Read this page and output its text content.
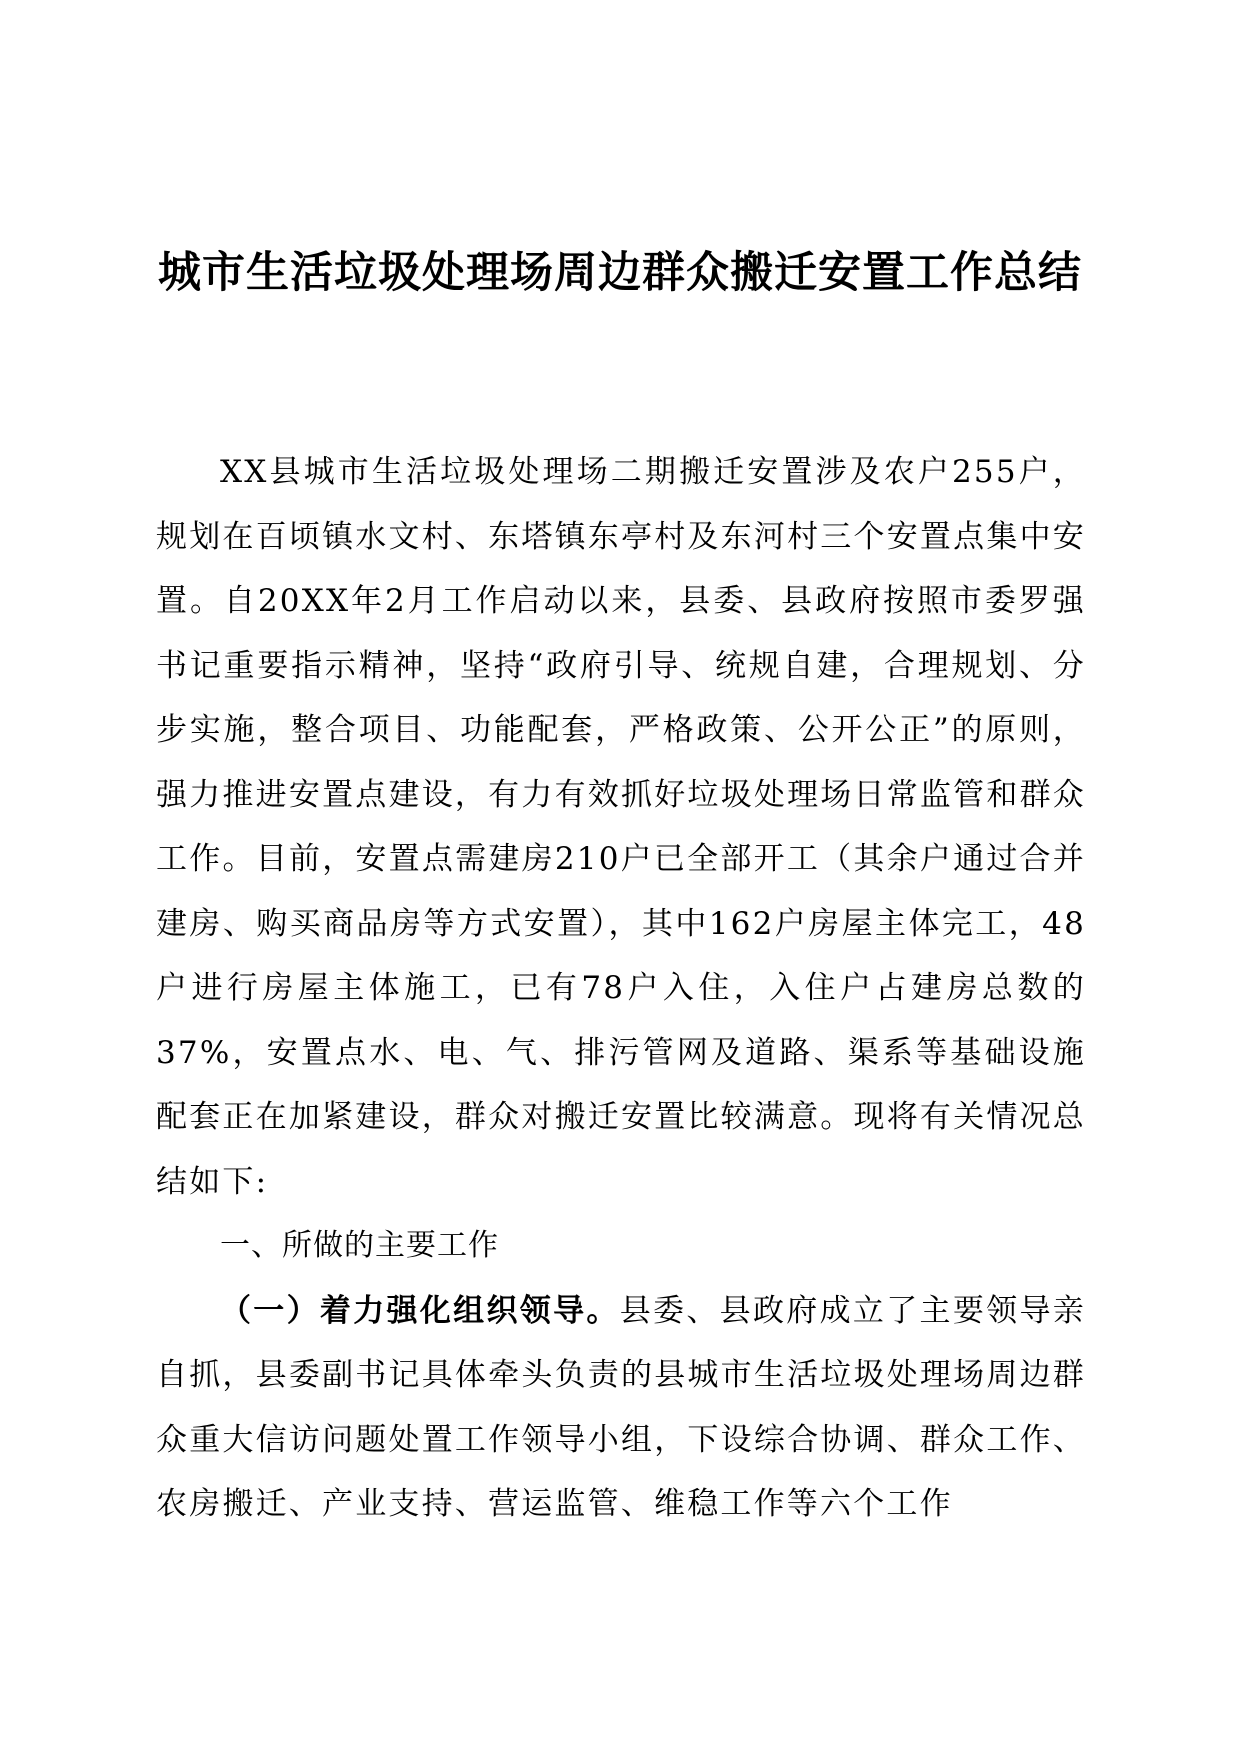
城市生活垃圾处理场周边群众搬迁安置工作总结

XX县城市生活垃圾处理场二期搬迁安置涉及农户255户，规划在百顷镇水文村、东塔镇东亭村及东河村三个安置点集中安置。自20XX年2月工作启动以来，县委、县政府按照市委罗强书记重要指示精神，坚持“政府引导、统规自建，合理规划、分步实施，整合项目、功能配套，严格政策、公开公正”的原则，强力推进安置点建设，有力有效抓好垃圾处理场日常监管和群众工作。目前，安置点需建房210户已全部开工（其余户通过合并建房、购买商品房等方式安置），其中162户房屋主体完工，48户进行房屋主体施工，已有78户入住，入住户占建房总数的37%，安置点水、电、气、排污管网及道路、渠系等基础设施配套正在加紧建设，群众对搬迁安置比较满意。现将有关情况总结如下:

一、所做的主要工作

（一）着力强化组织领导。县委、县政府成立了主要领导亲自抓，县委副书记具体牵头负责的县城市生活垃圾处理场周边群众重大信访问题处置工作领导小组，下设综合协调、群众工作、农房搬迁、产业支持、营运监管、维稳工作等六个工作
